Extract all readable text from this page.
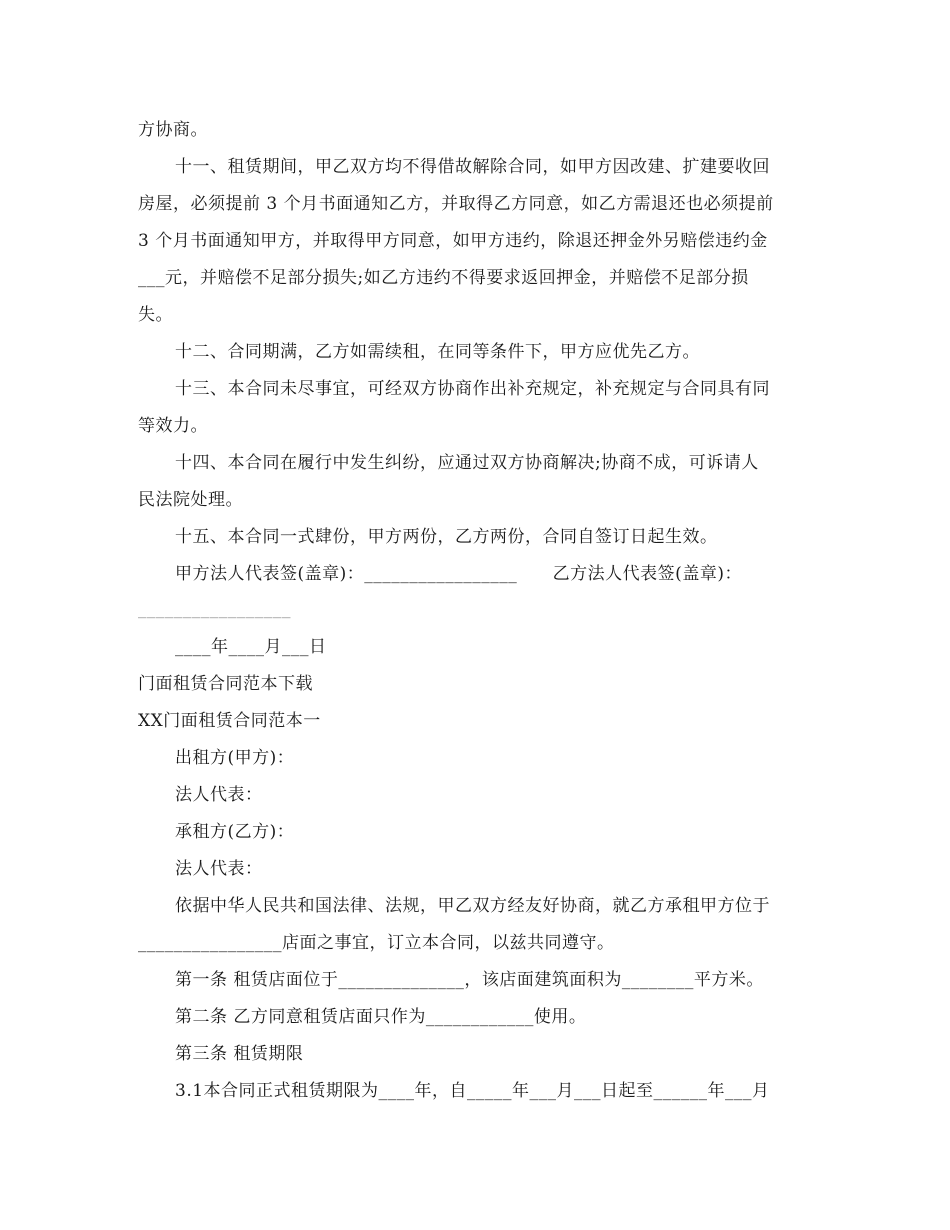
方协商。
十一、租赁期间，甲乙双方均不得借故解除合同，如甲方因改建、扩建要收回
房屋，必须提前 3 个月书面通知乙方，并取得乙方同意，如乙方需退还也必须提前
3 个月书面通知甲方，并取得甲方同意，如甲方违约，除退还押金外另赔偿违约金
___元，并赔偿不足部分损失;如乙方违约不得要求返回押金，并赔偿不足部分损
失。
十二、合同期满，乙方如需续租，在同等条件下，甲方应优先乙方。
十三、本合同未尽事宜，可经双方协商作出补充规定，补充规定与合同具有同
等效力。
十四、本合同在履行中发生纠纷，应通过双方协商解决;协商不成，可诉请人
民法院处理。
十五、本合同一式肆份，甲方两份，乙方两份，合同自签订日起生效。
甲方法人代表签(盖章)：_________________      乙方法人代表签(盖章)：
_________________
____年____月___日
门面租赁合同范本下载
XX门面租赁合同范本一
出租方(甲方)：
法人代表：
承租方(乙方)：
法人代表：
依据中华人民共和国法律、法规，甲乙双方经友好协商，就乙方承租甲方位于
________________店面之事宜，订立本合同，以兹共同遵守。
第一条 租赁店面位于______________，该店面建筑面积为________平方米。
第二条 乙方同意租赁店面只作为____________使用。
第三条 租赁期限
3.1本合同正式租赁期限为____年，自_____年___月___日起至______年___月
